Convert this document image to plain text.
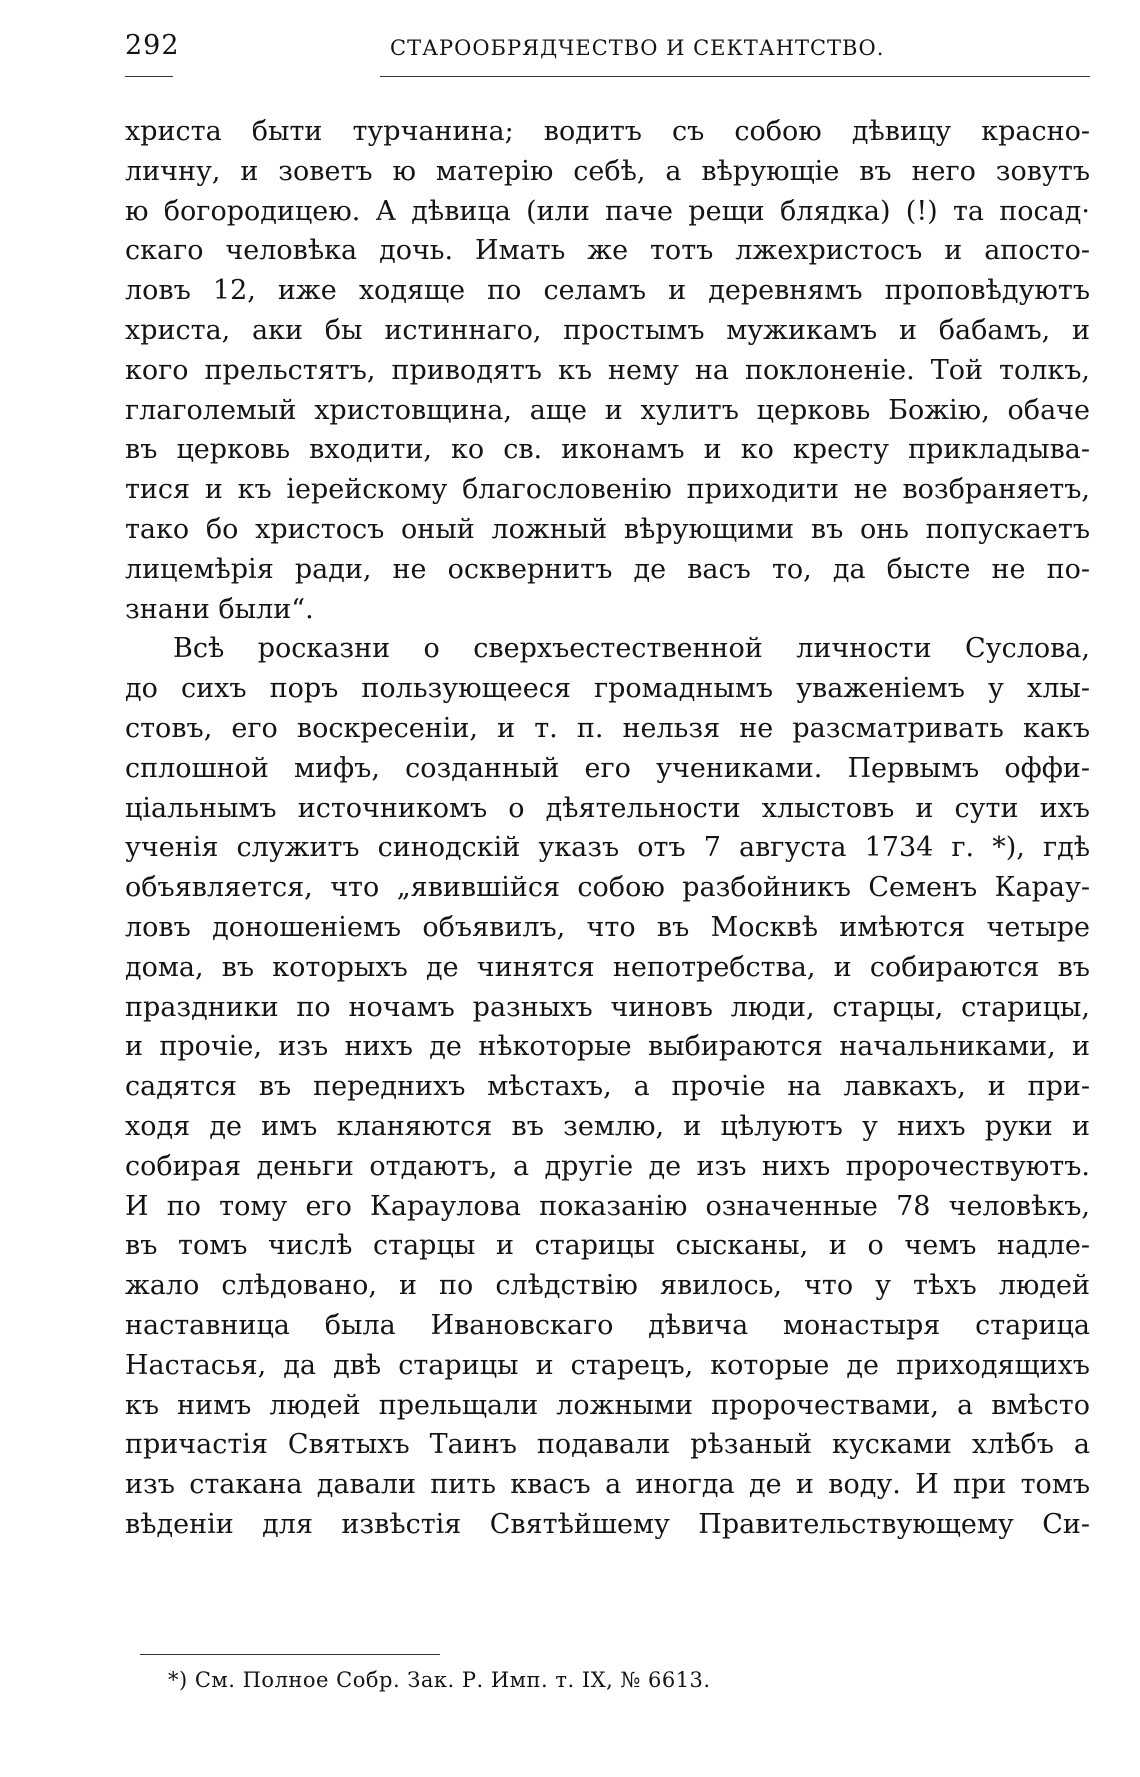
292	СТАРООБРЯДЧЕСТВО И СЕКТАНТСТВО.
христа быти турчанина; водитъ съ собою дѣвицу красно-
личну, и зоветъ ю матерію себѣ, а вѣрующіе въ него зовутъ
ю богородицею. А дѣвица (или паче рещи блядка) (!) та посад·
скаго человѣка дочь. Имать же тотъ лжехристосъ и апосто-
ловъ 12, иже ходяще по селамъ и деревнямъ проповѣдуютъ
христа, аки бы истиннаго, простымъ мужикамъ и бабамъ, и
кого прельстятъ, приводятъ къ нему на поклоненіе. Той толкъ,
глаголемый христовщина, аще и хулитъ церковь Божію, обаче
въ церковь входити, ко св. иконамъ и ко кресту прикладыва-
тися и къ іерейскому благословенію приходити не возбраняетъ,
тако бо христосъ оный ложный вѣрующими въ онь попускаетъ
лицемѣрія ради, не осквернитъ де васъ то, да бысте не по-
знани были“.
Всѣ росказни о сверхъестественной личности Суслова,
до сихъ поръ пользующееся громаднымъ уваженіемъ у хлы-
стовъ, его воскресеніи, и т. п. нельзя не разсматривать какъ
сплошной мифъ, созданный его учениками. Первымъ оффи-
ціальнымъ источникомъ о дѣятельности хлыстовъ и сути ихъ
ученія служитъ синодскій указъ отъ 7 августа 1734 г. *), гдѣ
объявляется, что „явившійся собою разбойникъ Семенъ Карау-
ловъ доношеніемъ объявилъ, что въ Москвѣ имѣются четыре
дома, въ которыхъ де чинятся непотребства, и собираются въ
праздники по ночамъ разныхъ чиновъ люди, старцы, старицы,
и прочіе, изъ нихъ де нѣкоторые выбираются начальниками, и
садятся въ переднихъ мѣстахъ, а прочіе на лавкахъ, и при-
ходя де имъ кланяются въ землю, и цѣлуютъ у нихъ руки и
собирая деньги отдаютъ, а другіе де изъ нихъ пророчествуютъ.
И по тому его Караулова показанію означенные 78 человѣкъ,
въ томъ числѣ старцы и старицы сысканы, и о чемъ надле-
жало слѣдовано, и по слѣдствію явилось, что у тѣхъ людей
наставница была Ивановскаго дѣвича монастыря старица
Настасья, да двѣ старицы и старецъ, которые де приходящихъ
къ нимъ людей прельщали ложными пророчествами, а вмѣсто
причастія Святыхъ Таинъ подавали рѣзаный кусками хлѣбъ а
изъ стакана давали пить квасъ а иногда де и воду. И при томъ
вѣденіи для извѣстія Святѣйшему Правительствующему Си-
*) См. Полное Собр. Зак. Р. Имп. т. IX, № 6613.
